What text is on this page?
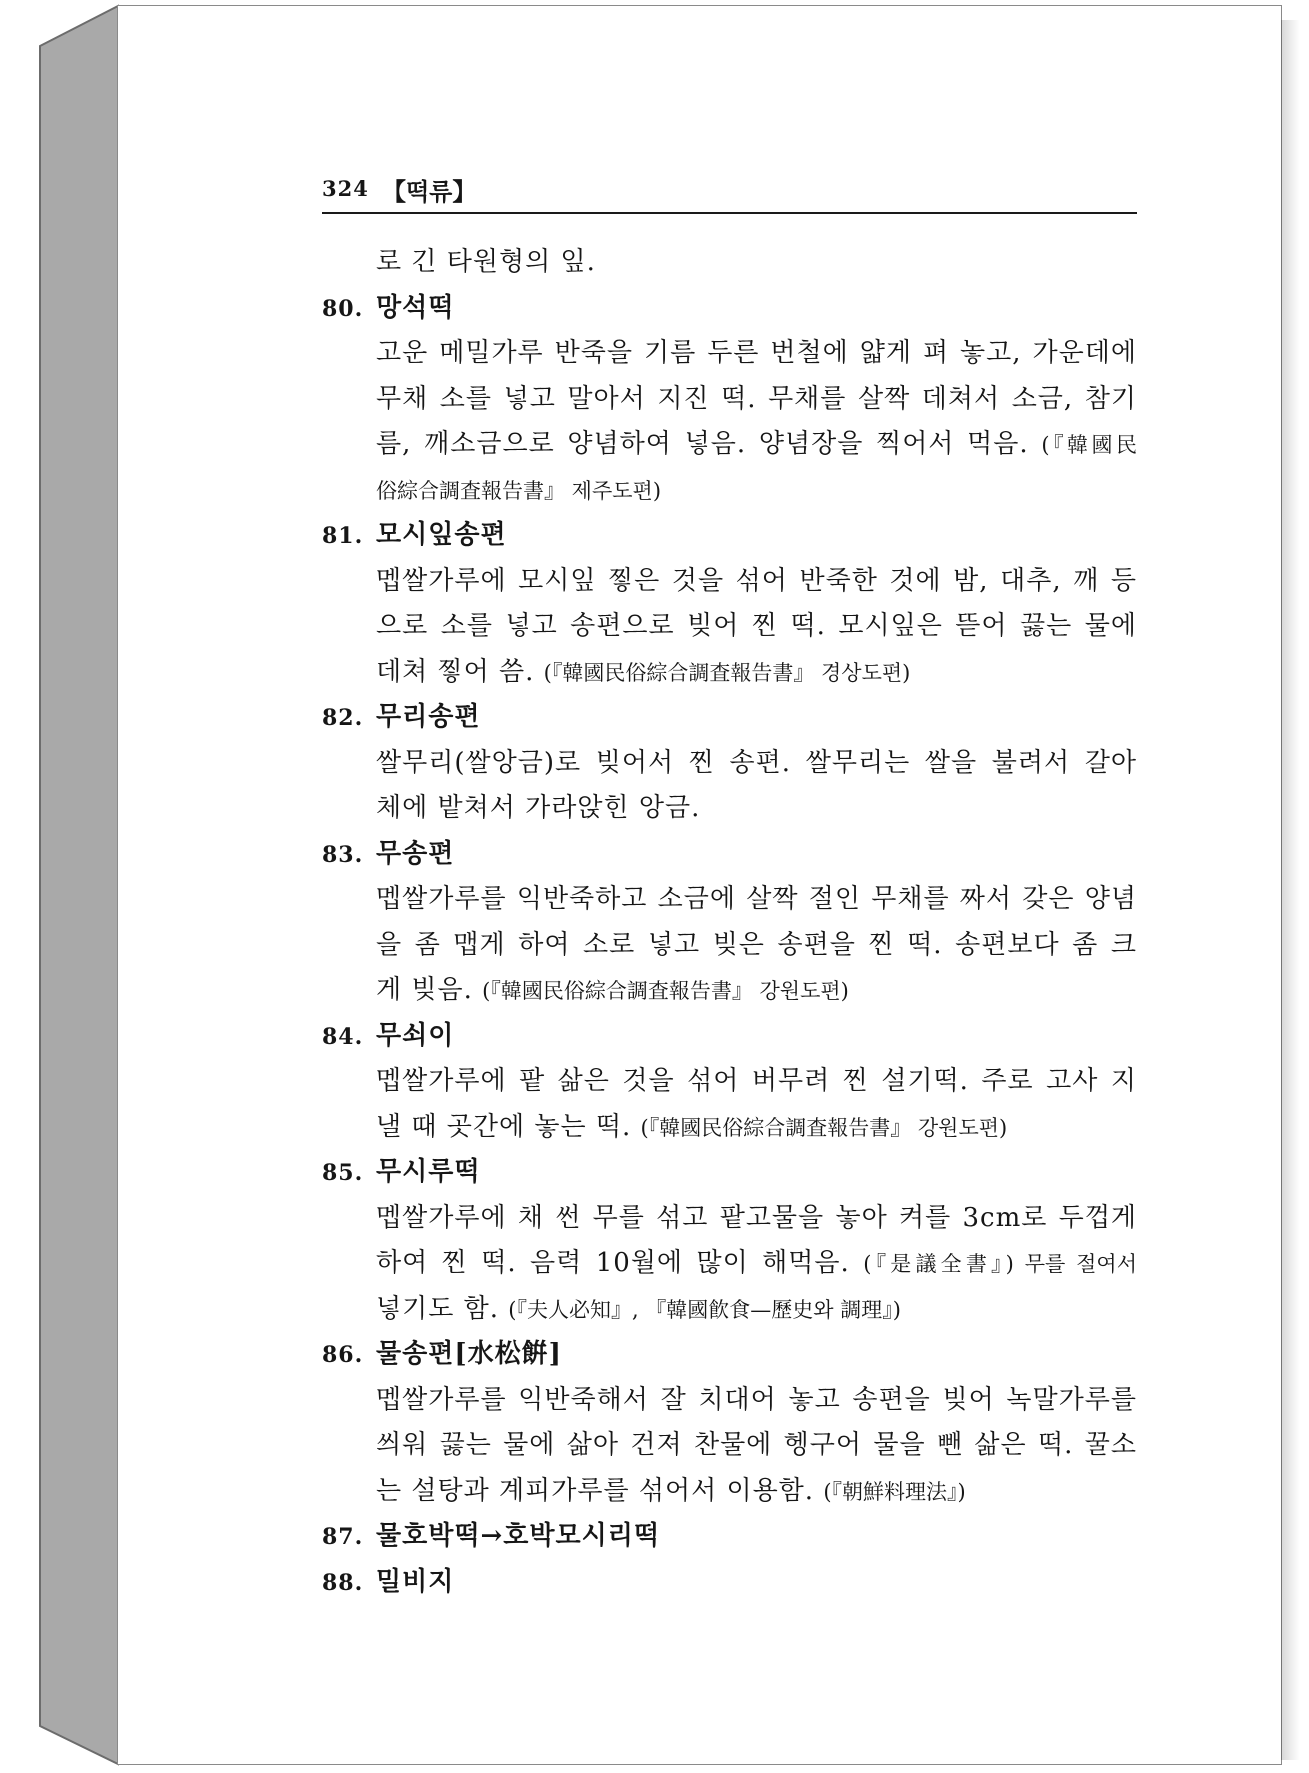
324 【떡류】
로 긴 타원형의 잎.
80. 망석떡
고운 메밀가루 반죽을 기름 두른 번철에 얇게 펴 놓고, 가운데에
무채 소를 넣고 말아서 지진 떡. 무채를 살짝 데쳐서 소금, 참기
름, 깨소금으로 양념하여 넣음. 양념장을 찍어서 먹음. (『韓國民
俗綜合調査報告書』 제주도편)
81. 모시잎송편
멥쌀가루에 모시잎 찧은 것을 섞어 반죽한 것에 밤, 대추, 깨 등
으로 소를 넣고 송편으로 빚어 찐 떡. 모시잎은 뜯어 끓는 물에
데쳐 찧어 씀. (『韓國民俗綜合調査報告書』 경상도편)
82. 무리송편
쌀무리(쌀앙금)로 빚어서 찐 송편. 쌀무리는 쌀을 불려서 갈아
체에 밭쳐서 가라앉힌 앙금.
83. 무송편
멥쌀가루를 익반죽하고 소금에 살짝 절인 무채를 짜서 갖은 양념
을 좀 맵게 하여 소로 넣고 빚은 송편을 찐 떡. 송편보다 좀 크
게 빚음. (『韓國民俗綜合調査報告書』 강원도편)
84. 무쇠이
멥쌀가루에 팥 삶은 것을 섞어 버무려 찐 설기떡. 주로 고사 지
낼 때 곳간에 놓는 떡. (『韓國民俗綜合調査報告書』 강원도편)
85. 무시루떡
멥쌀가루에 채 썬 무를 섞고 팥고물을 놓아 켜를 3cm로 두껍게
하여 찐 떡. 음력 10월에 많이 해먹음. (『是議全書』) 무를 절여서
넣기도 함. (『夫人必知』, 『韓國飮食—歷史와 調理』)
86. 물송편[水松餠]
멥쌀가루를 익반죽해서 잘 치대어 놓고 송편을 빚어 녹말가루를
씌워 끓는 물에 삶아 건져 찬물에 헹구어 물을 뺀 삶은 떡. 꿀소
는 설탕과 계피가루를 섞어서 이용함. (『朝鮮料理法』)
87. 물호박떡→호박모시리떡
88. 밀비지
